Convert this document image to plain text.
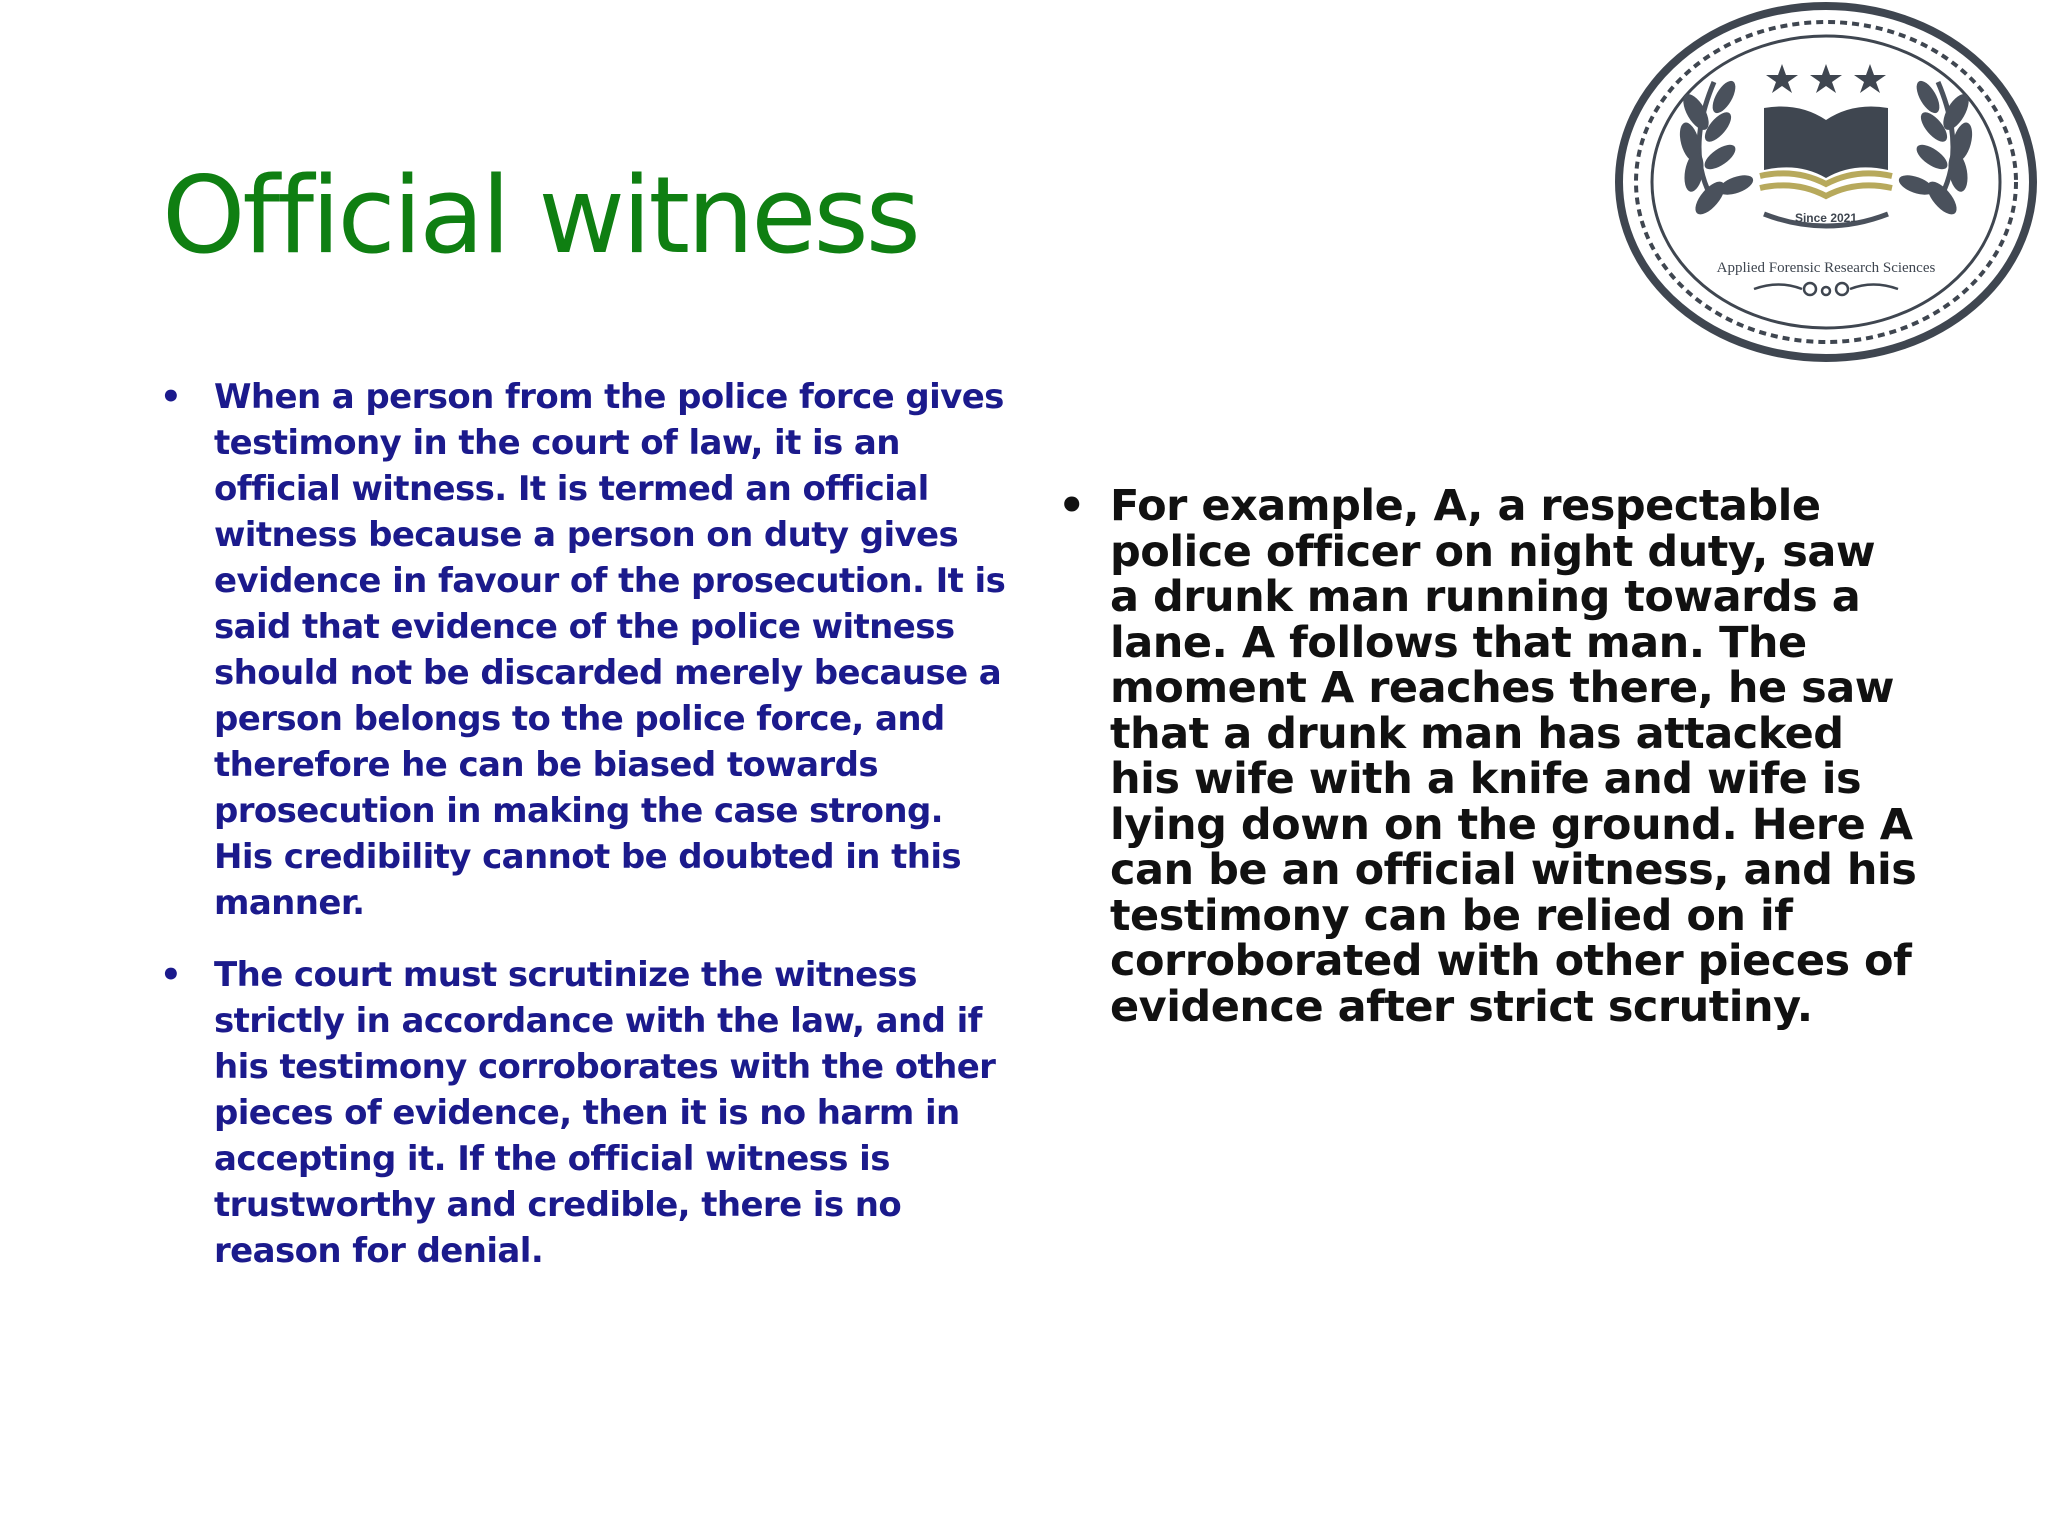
Official witness
• When a person from the police force gives testimony in the court of law, it is an official witness. It is termed an official witness because a person on duty gives evidence in favour of the prosecution. It is said that evidence of the police witness should not be discarded merely because a person belongs to the police force, and therefore he can be biased towards prosecution in making the case strong. His credibility cannot be doubted in this manner.
• The court must scrutinize the witness strictly in accordance with the law, and if his testimony corroborates with the other pieces of evidence, then it is no harm in accepting it. If the official witness is trustworthy and credible, there is no reason for denial.
• For example, A, a respectable police officer on night duty, saw a drunk man running towards a lane. A follows that man. The moment A reaches there, he saw that a drunk man has attacked his wife with a knife and wife is lying down on the ground. Here A can be an official witness, and his testimony can be relied on if corroborated with other pieces of evidence after strict scrutiny.
Since 2021
Applied Forensic Research Sciences
